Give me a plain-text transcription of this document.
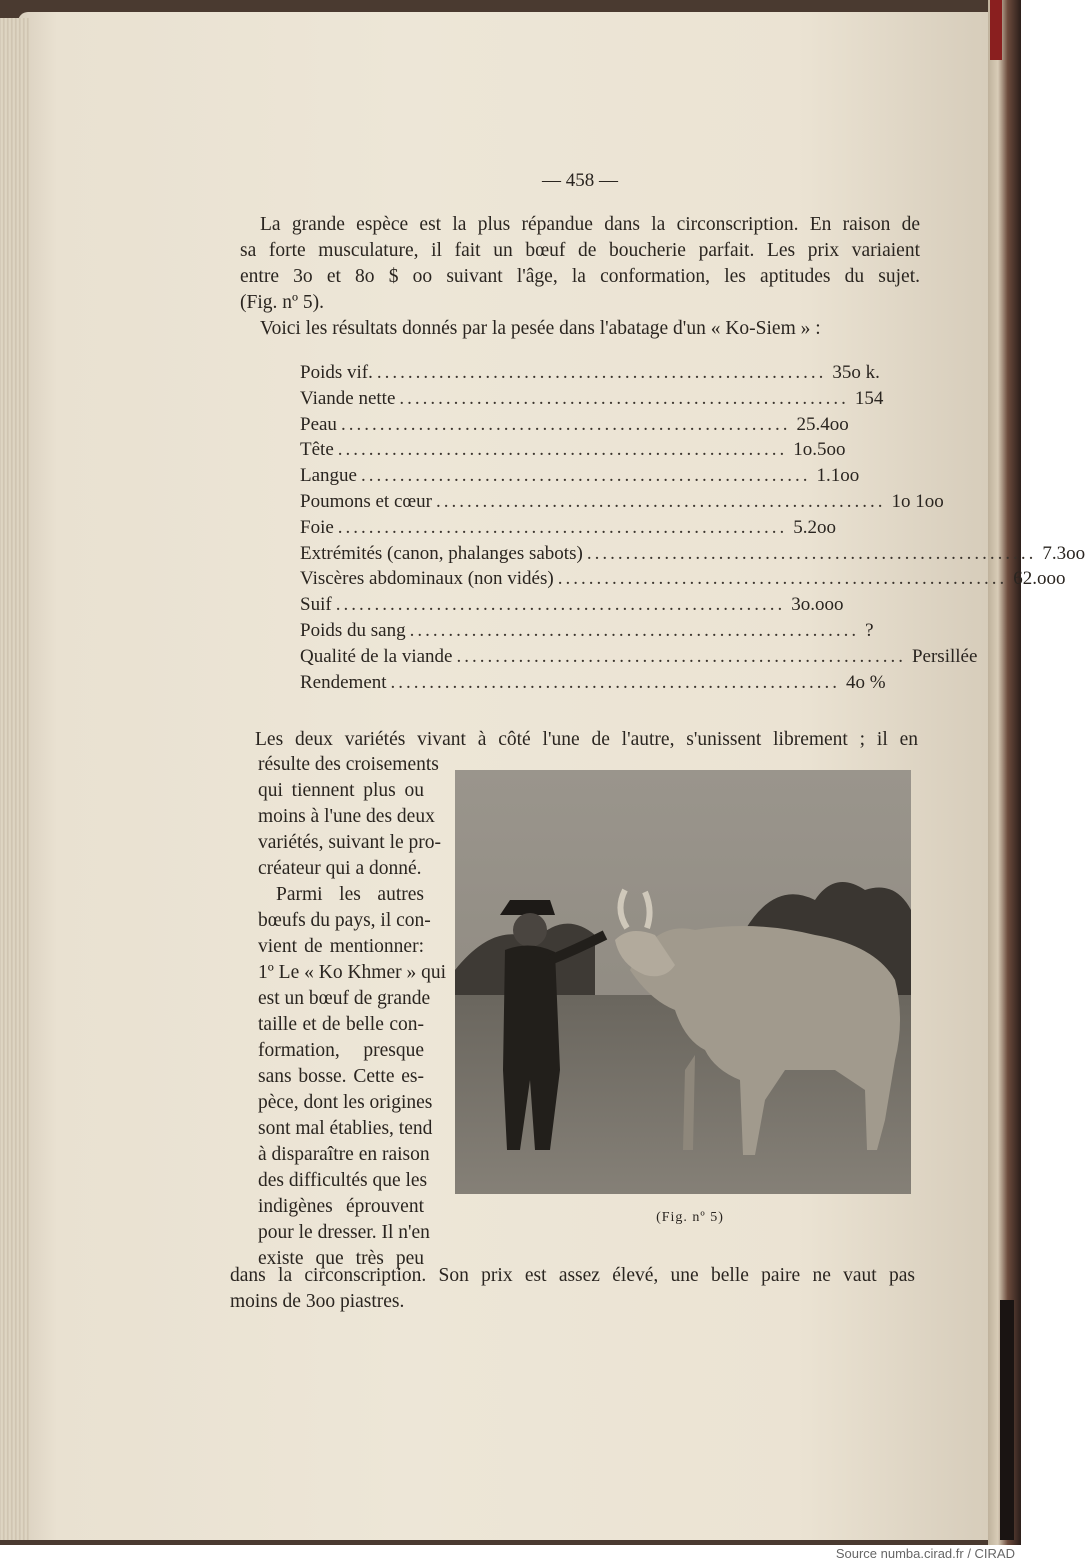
— 458 —
La grande espèce est la plus répandue dans la circonscription. En raison de
sa forte musculature, il fait un bœuf de boucherie parfait. Les prix variaient
entre 3o et 8o $ oo suivant l'âge, la conformation, les aptitudes du sujet.
(Fig. nº 5).
Voici les résultats donnés par la pesée dans l'abatage d'un « Ko-Siem » :
Poids vif. .......................................................... 35o k.
Viande nette .......................................................... 154
Peau .......................................................... 25.4oo
Tête .......................................................... 1o.5oo
Langue .......................................................... 1.1oo
Poumons et cœur .......................................................... 1o 1oo
Foie .......................................................... 5.2oo
Extrémités (canon, phalanges sabots) .......................................................... 7.3oo
Viscères abdominaux (non vidés) .......................................................... 62.ooo
Suif .......................................................... 3o.ooo
Poids du sang .......................................................... ?
Qualité de la viande .......................................................... Persillée
Rendement .......................................................... 4o %
Les deux variétés vivant à côté l'une de l'autre, s'unissent librement ; il en
résulte des croisements
qui tiennent plus ou
moins à l'une des deux
variétés, suivant le pro-
créateur qui a donné.
Parmi les autres
bœufs du pays, il con-
vient de mentionner:
1º Le « Ko Khmer » qui
est un bœuf de grande
taille et de belle con-
formation, presque
sans bosse. Cette es-
pèce, dont les origines
sont mal établies, tend
à disparaître en raison
des difficultés que les
indigènes éprouvent
pour le dresser. Il n'en
existe que très peu
(Fig. nº 5)
dans la circonscription. Son prix est assez élevé, une belle paire ne vaut pas
moins de 3oo piastres.
Source numba.cirad.fr / CIRAD
